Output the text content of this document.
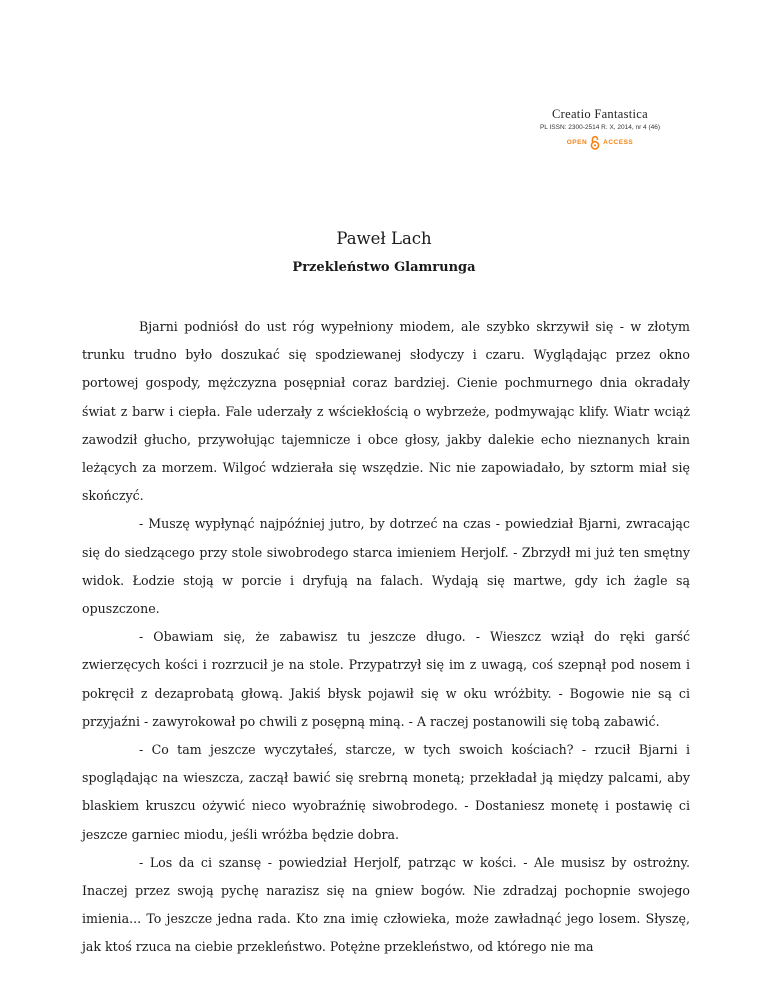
Creatio Fantastica
PL ISSN: 2300-2514 R. X, 2014, nr 4 (46)
OPEN ACCESS
Paweł Lach
Przekleństwo Glamrunga

Bjarni podniósł do ust róg wypełniony miodem, ale szybko skrzywił się - w złotym trunku trudno było doszukać się spodziewanej słodyczy i czaru. Wyglądając przez okno portowej gospody, mężczyzna posępniał coraz bardziej. Cienie pochmurnego dnia okradały świat z barw i ciepła. Fale uderzały z wściekłością o wybrzeże, podmywając klify. Wiatr wciąż zawodził głucho, przywołując tajemnicze i obce głosy, jakby dalekie echo nieznanych krain leżących za morzem. Wilgoć wdzierała się wszędzie. Nic nie zapowiadało, by sztorm miał się skończyć.

- Muszę wypłynąć najpóźniej jutro, by dotrzeć na czas - powiedział Bjarni, zwracając się do siedzącego przy stole siwobrodego starca imieniem Herjolf. - Zbrzydł mi już ten smętny widok. Łodzie stoją w porcie i dryfują na falach. Wydają się martwe, gdy ich żagle są opuszczone.

- Obawiam się, że zabawisz tu jeszcze długo. - Wieszcz wziął do ręki garść zwierzęcych kości i rozrzucił je na stole. Przypatrzył się im z uwagą, coś szepnął pod nosem i pokręcił z dezaprobatą głową. Jakiś błysk pojawił się w oku wróżbity. - Bogowie nie są ci przyjaźni - zawyrokował po chwili z posępną miną. - A raczej postanowili się tobą zabawić.

- Co tam jeszcze wyczytałeś, starcze, w tych swoich kościach? - rzucił Bjarni i spoglądając na wieszcza, zaczął bawić się srebrną monetą; przekładał ją między palcami, aby blaskiem kruszcu ożywić nieco wyobraźnię siwobrodego. - Dostaniesz monetę i postawię ci jeszcze garniec miodu, jeśli wróżba będzie dobra.

- Los da ci szansę - powiedział Herjolf, patrząc w kości. - Ale musisz by ostrożny. Inaczej przez swoją pychę narazisz się na gniew bogów. Nie zdradzaj pochopnie swojego imienia... To jeszcze jedna rada. Kto zna imię człowieka, może zawładnąć jego losem. Słyszę, jak ktoś rzuca na ciebie przekleństwo. Potężne przekleństwo, od którego nie ma
